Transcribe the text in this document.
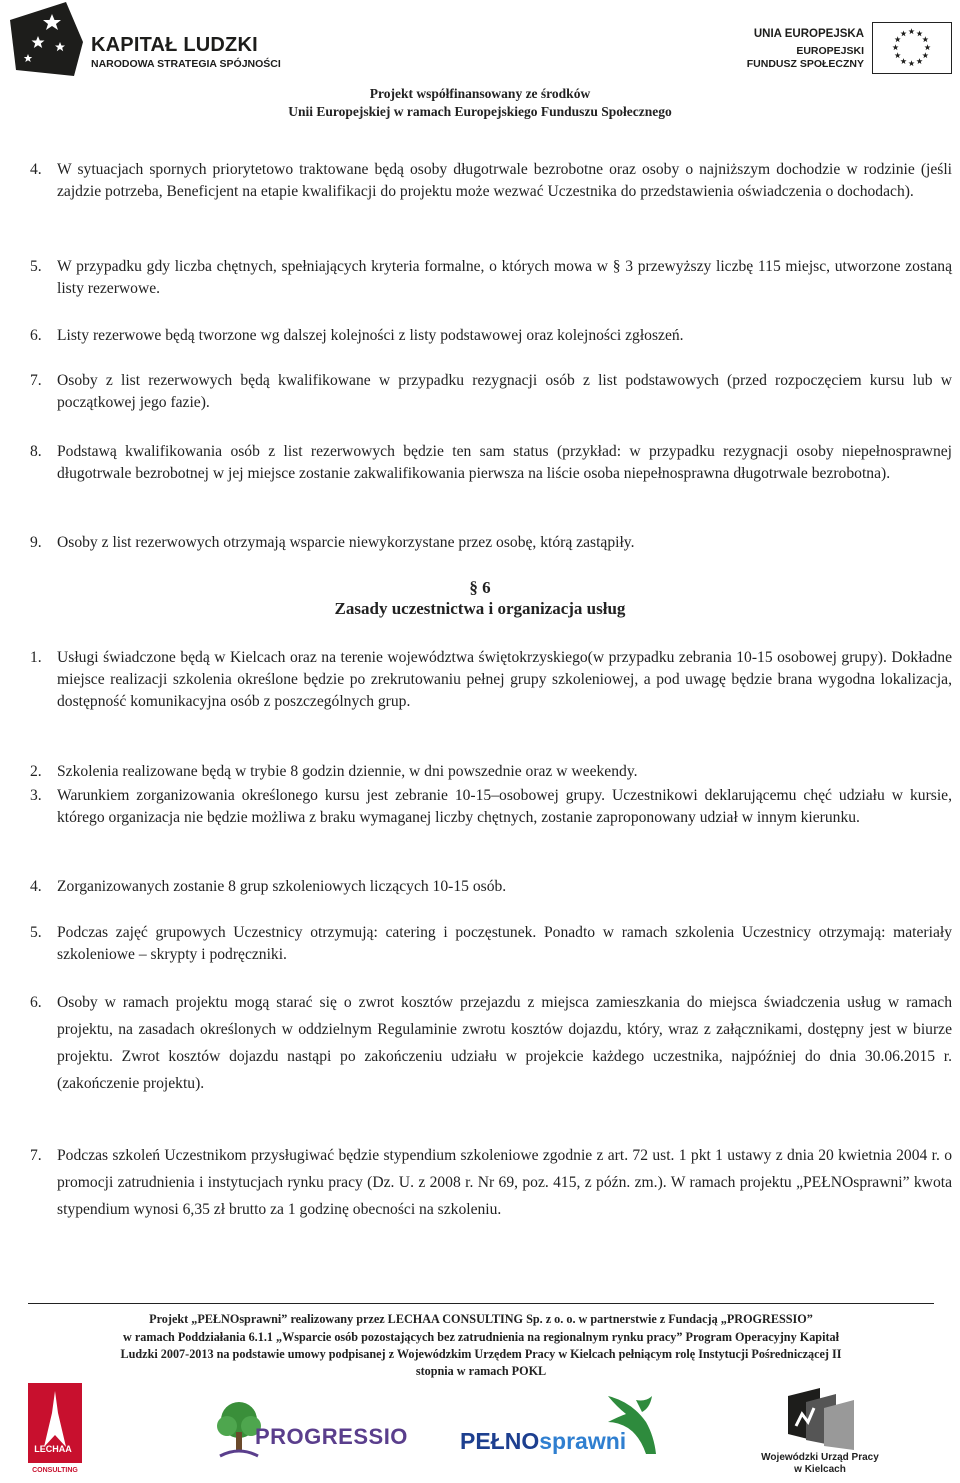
KAPITAŁ LUDZKI
NARODOWA STRATEGIA SPÓJNOŚCI
UNIA EUROPEJSKA
EUROPEJSKI
FUNDUSZ SPOŁECZNY
Projekt współfinansowany ze środków
Unii Europejskiej w ramach Europejskiego Funduszu Społecznego
4. W sytuacjach spornych priorytetowo traktowane będą osoby długotrwale bezrobotne oraz osoby o najniższym dochodzie w rodzinie (jeśli zajdzie potrzeba, Beneficjent na etapie kwalifikacji do projektu może wezwać Uczestnika do przedstawienia oświadczenia o dochodach).
5. W przypadku gdy liczba chętnych, spełniających kryteria formalne, o których mowa w § 3 przewyższy liczbę 115 miejsc, utworzone zostaną listy rezerwowe.
6. Listy rezerwowe będą tworzone wg dalszej kolejności z listy podstawowej oraz kolejności zgłoszeń.
7. Osoby z list rezerwowych będą kwalifikowane w przypadku rezygnacji osób z list podstawowych (przed rozpoczęciem kursu lub w początkowej jego fazie).
8. Podstawą kwalifikowania osób z list rezerwowych będzie ten sam status (przykład: w przypadku rezygnacji osoby niepełnosprawnej długotrwale bezrobotnej w jej miejsce zostanie zakwalifikowania pierwsza na liście osoba niepełnosprawna długotrwale bezrobotna).
9. Osoby z list rezerwowych otrzymają wsparcie niewykorzystane przez osobę, którą zastąpiły.
§ 6
Zasady uczestnictwa i organizacja usług
1. Usługi świadczone będą w Kielcach oraz na terenie województwa świętokrzyskiego(w przypadku zebrania 10-15 osobowej grupy). Dokładne miejsce realizacji szkolenia określone będzie po zrekrutowaniu pełnej grupy szkoleniowej, a pod uwagę będzie brana wygodna lokalizacja, dostępność komunikacyjna osób z poszczególnych grup.
2. Szkolenia realizowane będą w trybie 8 godzin dziennie, w dni powszednie oraz w weekendy.
3. Warunkiem zorganizowania określonego kursu jest zebranie 10-15–osobowej grupy. Uczestnikowi deklarującemu chęć udziału w kursie, którego organizacja nie będzie możliwa z braku wymaganej liczby chętnych, zostanie zaproponowany udział w innym kierunku.
4. Zorganizowanych zostanie 8 grup szkoleniowych liczących 10-15 osób.
5. Podczas zajęć grupowych Uczestnicy otrzymują: catering i poczęstunek. Ponadto w ramach szkolenia Uczestnicy otrzymają: materiały szkoleniowe – skrypty i podręczniki.
6. Osoby w ramach projektu mogą starać się o zwrot kosztów przejazdu z miejsca zamieszkania do miejsca świadczenia usług w ramach projektu, na zasadach określonych w oddzielnym Regulaminie zwrotu kosztów dojazdu, który, wraz z załącznikami, dostępny jest w biurze projektu. Zwrot kosztów dojazdu nastąpi po zakończeniu udziału w projekcie każdego uczestnika, najpóźniej do dnia 30.06.2015 r. (zakończenie projektu).
7. Podczas szkoleń Uczestnikom przysługiwać będzie stypendium szkoleniowe zgodnie z art. 72 ust. 1 pkt 1 ustawy z dnia 20 kwietnia 2004 r. o promocji zatrudnienia i instytucjach rynku pracy (Dz. U. z 2008 r. Nr 69, poz. 415, z późn. zm.). W ramach projektu „PEŁNOsprawni” kwota stypendium wynosi 6,35 zł brutto za 1 godzinę obecności na szkoleniu.
Projekt „PEŁNOsprawni” realizowany przez LECHAA CONSULTING Sp. z o. o. w partnerstwie z Fundacją „PROGRESSIO”
w ramach Poddziałania 6.1.1 „Wsparcie osób pozostających bez zatrudnienia na regionalnym rynku pracy” Program Operacyjny Kapitał
Ludzki 2007-2013 na podstawie umowy podpisanej z Wojewódzkim Urzędem Pracy w Kielcach pełniącym rolę Instytucji Pośredniczącej II
stopnia w ramach POKL
LECHAA
CONSULTING
PROGRESSIO PEŁNOsprawni
Wojewódzki Urząd Pracy
w Kielcach
